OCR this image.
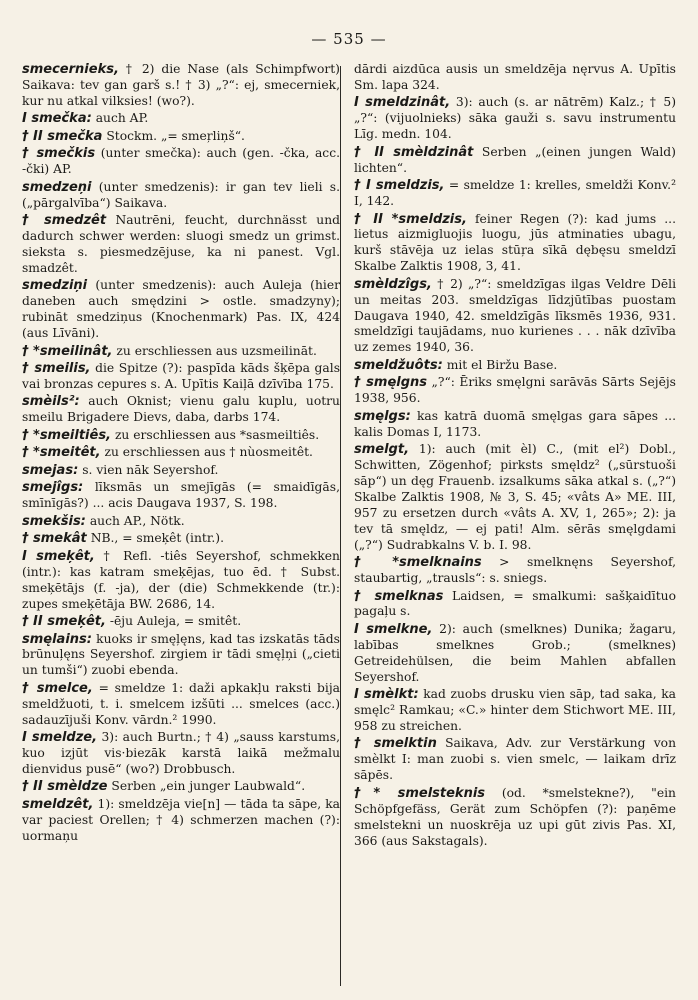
— 535 —

smecernieks, † 2) die Nase (als Schimpfwort) Saikava: tev gan garš s.! † 3) „?“: ej, smecerniek, kur nu atkal vilksies! (wo?).

I smečka: auch AP.

† II smečka Stockm. „= smeŗliņš“.

† smečkis (unter smečka): auch (gen. -čka, acc. -čki) AP.

smedzeņi (unter smedzenis): ir gan tev lieli s. („pārgalvība“) Saikava.

† smedzêt Nautrēni, feucht, durchnässt und dadurch schwer werden: sluogi smedz un grimst. siekstа s. piesmedzējuse, ka ni panest. Vgl. smadzêt.

smedziņi (unter smedzenis): auch Auleja (hier daneben auch smędzini > ostle. smadzyny); rubināt smedziņus (Knochenmark) Pas. IX, 424 (aus Līvāni).

† *smeilinât, zu erschliessen aus uzsmeilināt.

† smeilis, die Spitze (?): paspīda kāds šķēpa gals vai bronzas cepures s. A. Upītis Kaiļā dzīvība 175.

smèils²: auch Oknist; vienu galu kuplu, uotru smeilu Brigadere Dievs, daba, darbs 174.

† *smeiltiês, zu erschliessen aus *sasmeiltiês.

† *smeitêt, zu erschliessen aus † nùosmeitêt.

smejas: s. vien nāk Seyershof.

smejîgs: līksmās un smejīgās (= smaidīgās, smīnīgās?) ... acis Daugava 1937, S. 198.

smekšis: auch AP., Nötk.

† smekât NB., = smeķêt (intr.).

I smeķêt, † Refl. -tiês Seyershof, schmekken (intr.): kas katram smeķējas, tuo ēd. † Subst. smeķētājs (f. -ja), der (die) Schmekkende (tr.): zupes smeķētāja BW. 2686, 14.

† II smeķêt, -ēju Auleja, = smitêt.

smęlains: kuoks ir smęļęns, kad tas izskatās tāds brūnuļęns Seyershof. zirgiem ir tādi smęļņi („cieti un tumši“) zuobi ebenda.

† smelce, = smeldze 1: daži apkakļu raksti bija smeldžuoti, t. i. smelcem izšūti ... smelces (acc.) sadauzījuši Konv. vārdn.² 1990.

I smeldze, 3): auch Burtn.; † 4) „sauss karstums, kuo izjūt vis·biezāk karstā laikā mežmalu dienvidus pusē“ (wo?) Drobbusch.

† II smèldze Serben „ein junger Laubwald“.

smeldzêt, 1): smeldzēja vie[n] — tāda ta sāpe, ka var paciest Orellen; † 4) schmerzen machen (?): uormaņu

dārdi aizdūca ausis un smeldzēja nęrvus A. Upītis Sm. lapa 324.

I smeldzinât, 3): auch (s. ar nātrēm) Kalz.; † 5) „?“: (vijuolnieks) sāka gauži s. savu instrumentu Līg. medn. 104.

† II smèldzinât Serben „(einen jungen Wald) lichten“.

† I smeldzis, = smeldze 1: krelles, smeldži Konv.² I, 142.

† II *smeldzis, feiner Regen (?): kad jums ... lietus aizmigluojis luogu, jūs atminaties ubagu, kurš stāvēja uz ielas stūŗa sīkā dębęsu smeldzī Skalbe Zalktis 1908, 3, 41.

smèldzîgs, † 2) „?“: smeldzīgas ilgas Veldre Dēli un meitas 203. smeldzīgas līdzjūtības puostam Daugava 1940, 42. smeldzīgās līksmēs 1936, 931. smeldzīgi taujādams, nuo kurienes . . . nāk dzīvība uz zemes 1940, 36.

smeldžuôts: mit el Biržu Base.

† smęlgns „?“: Ēriks smęlgni sarāvās Sārts Sejējs 1938, 956.

smęlgs: kas katrā duomā smęlgas gara sāpes ... kalis Domas I, 1173.

smelgt, 1): auch (mit èl) C., (mit el²) Dobl., Schwitten, Zögenhof; pirksts smęldz² („sūrstuoši sāp“) un dęg Frauenb. izsalkums sāka atkal s. („?“) Skalbe Zalktis 1908, № 3, S. 45; «vâts A» ME. III, 957 zu ersetzen durch «vâts A. XV, 1, 265»; 2): ja tev tā smęldz, — ej pati! Alm. sērās smęlgdami („?“) Sudrabkalns V. b. I. 98.

† *smelknains > smelknęns Seyershof, staubartig, „trausls“: s. sniegs.

† smelknas Laidsen, = smalkumi: sašķaidītuo pagaļu s.

I smelkne, 2): auch (smelknes) Dunika; žagaru, labības smelknes Grob.; (smelknes) Getreidehülsen, die beim Mahlen abfallen Seyershof.

I smèlkt: kad zuobs drusku vien sāp, tad saka, ka smęlc² Ramkau; «C.» hinter dem Stichwort ME. III, 958 zu streichen.

† smelktin Saikava, Adv. zur Verstärkung von smèlkt I: man zuobi s. vien smelc, — laikam drīz sāpēs.

†* smelsteknis (od. *smelstekne?), "ein Schöpfgefäss, Gerät zum Schöpfen (?): paņēme smelstekni un nuoskrēja uz upi gūt zivis Pas. XI, 366 (aus Sakstagals).
